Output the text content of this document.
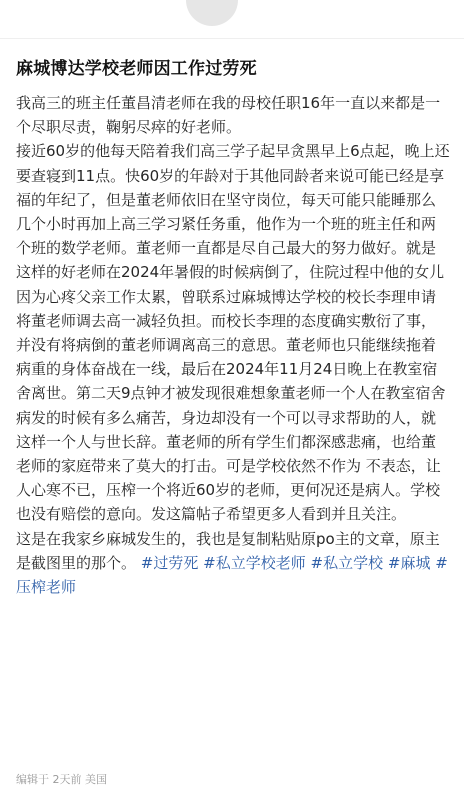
麻城博达学校老师因工作过劳死

我高三的班主任董昌清老师在我的母校任职16年一直以来都是一个尽职尽责，鞠躬尽瘁的好老师。

接近60岁的他每天陪着我们高三学子起早贪黑早上6点起，晚上还要查寝到11点。快60岁的年龄对于其他同龄者来说可能已经是享福的年纪了，但是董老师依旧在坚守岗位，每天可能只能睡那么几个小时再加上高三学习紧任务重，他作为一个班的班主任和两个班的数学老师。董老师一直都是尽自己最大的努力做好。就是这样的好老师在2024年暑假的时候病倒了，住院过程中他的女儿因为心疼父亲工作太累，曾联系过麻城博达学校的校长李理申请将董老师调去高一减轻负担。而校长李理的态度确实敷衍了事，并没有将病倒的董老师调离高三的意思。董老师也只能继续拖着病重的身体奋战在一线，最后在2024年11月24日晚上在教室宿舍离世。第二天9点钟才被发现很难想象董老师一个人在教室宿舍病发的时候有多么痛苦，身边却没有一个可以寻求帮助的人，就这样一个人与世长辞。董老师的所有学生们都深感悲痛，也给董老师的家庭带来了莫大的打击。可是学校依然不作为 不表态，让人心寒不已，压榨一个将近60岁的老师，更何况还是病人。学校也没有赔偿的意向。发这篇帖子希望更多人看到并且关注。

这是在我家乡麻城发生的，我也是复制粘贴原po主的文章，原主是截图里的那个。 #过劳死 #私立学校老师 #私立学校 #麻城 #压榨老师

编辑于 2天前 美国
